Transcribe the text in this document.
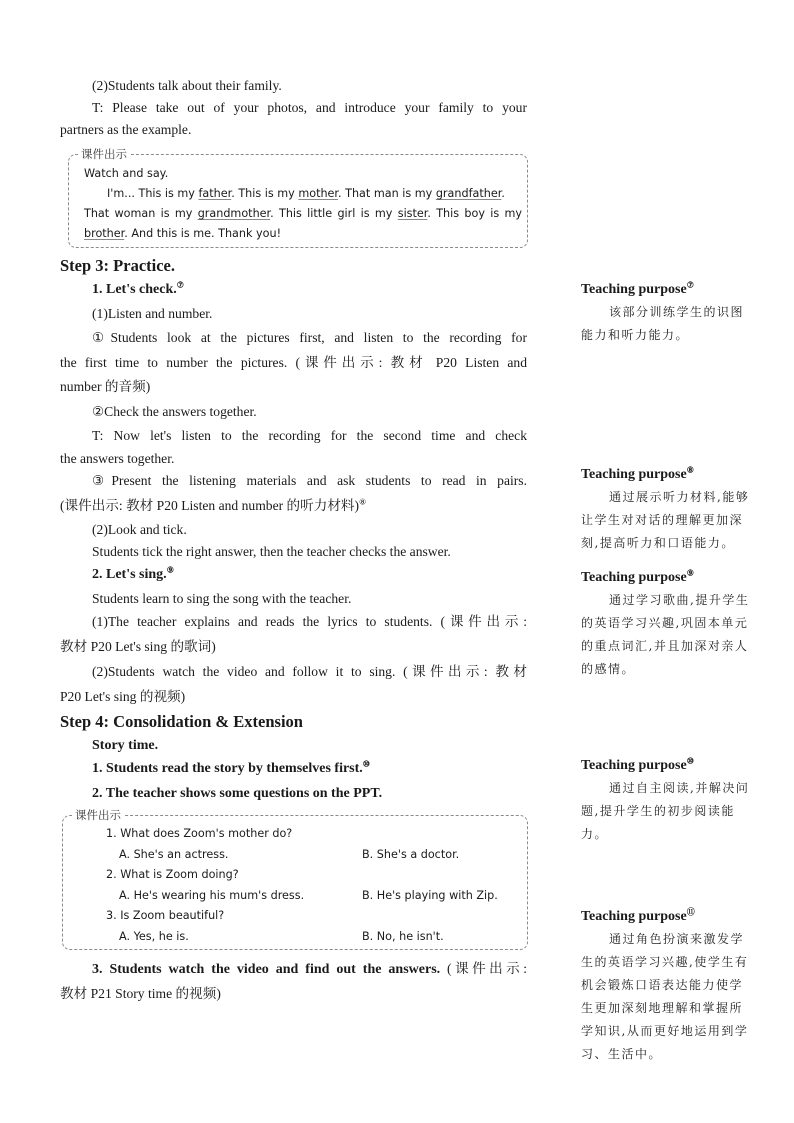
(2)Students talk about their family.
T: Please take out of your photos, and introduce your family to your
partners as the example.
课件出示
Watch and say.
I'm... This is my father. This is my mother. That man is my grandfather.
That woman is my grandmother. This little girl is my sister. This boy is my
brother. And this is me. Thank you!
Step 3: Practice.
1. Let's check.⑦
(1)Listen and number.
①Students look at the pictures first, and listen to the recording for
the first time to number the pictures. (课件出示: 教材 P20 Listen and
number 的音频)
②Check the answers together.
T: Now let's listen to the recording for the second time and check
the answers together.
③Present the listening materials and ask students to read in pairs.
(课件出示: 教材 P20 Listen and number 的听力材料)⑧
(2)Look and tick.
Students tick the right answer, then the teacher checks the answer.
2. Let's sing.⑨
Students learn to sing the song with the teacher.
(1)The teacher explains and reads the lyrics to students. (课件出示:
教材 P20 Let's sing 的歌词)
(2)Students watch the video and follow it to sing. (课件出示: 教材
P20 Let's sing 的视频)
Step 4: Consolidation & Extension
Story time.
1. Students read the story by themselves first.⑩
2. The teacher shows some questions on the PPT.
课件出示
1. What does Zoom's mother do?
A. She's an actress.	B. She's a doctor.
2. What is Zoom doing?
A. He's wearing his mum's dress.	B. He's playing with Zip.
3. Is Zoom beautiful?
A. Yes, he is.	B. No, he isn't.
3. Students watch the video and find out the answers. (课件出示:
教材 P21 Story time 的视频)
Teaching purpose⑦
该部分训练学生的识图能力和听力能力。
Teaching purpose⑧
通过展示听力材料,能够让学生对对话的理解更加深刻,提高听力和口语能力。
Teaching purpose⑨
通过学习歌曲,提升学生的英语学习兴趣,巩固本单元的重点词汇,并且加深对亲人的感情。
Teaching purpose⑩
通过自主阅读,并解决问题,提升学生的初步阅读能力。
Teaching purpose⑪
通过角色扮演来激发学生的英语学习兴趣,使学生有机会锻炼口语表达能力使学生更加深刻地理解和掌握所学知识,从而更好地运用到学习、生活中。
